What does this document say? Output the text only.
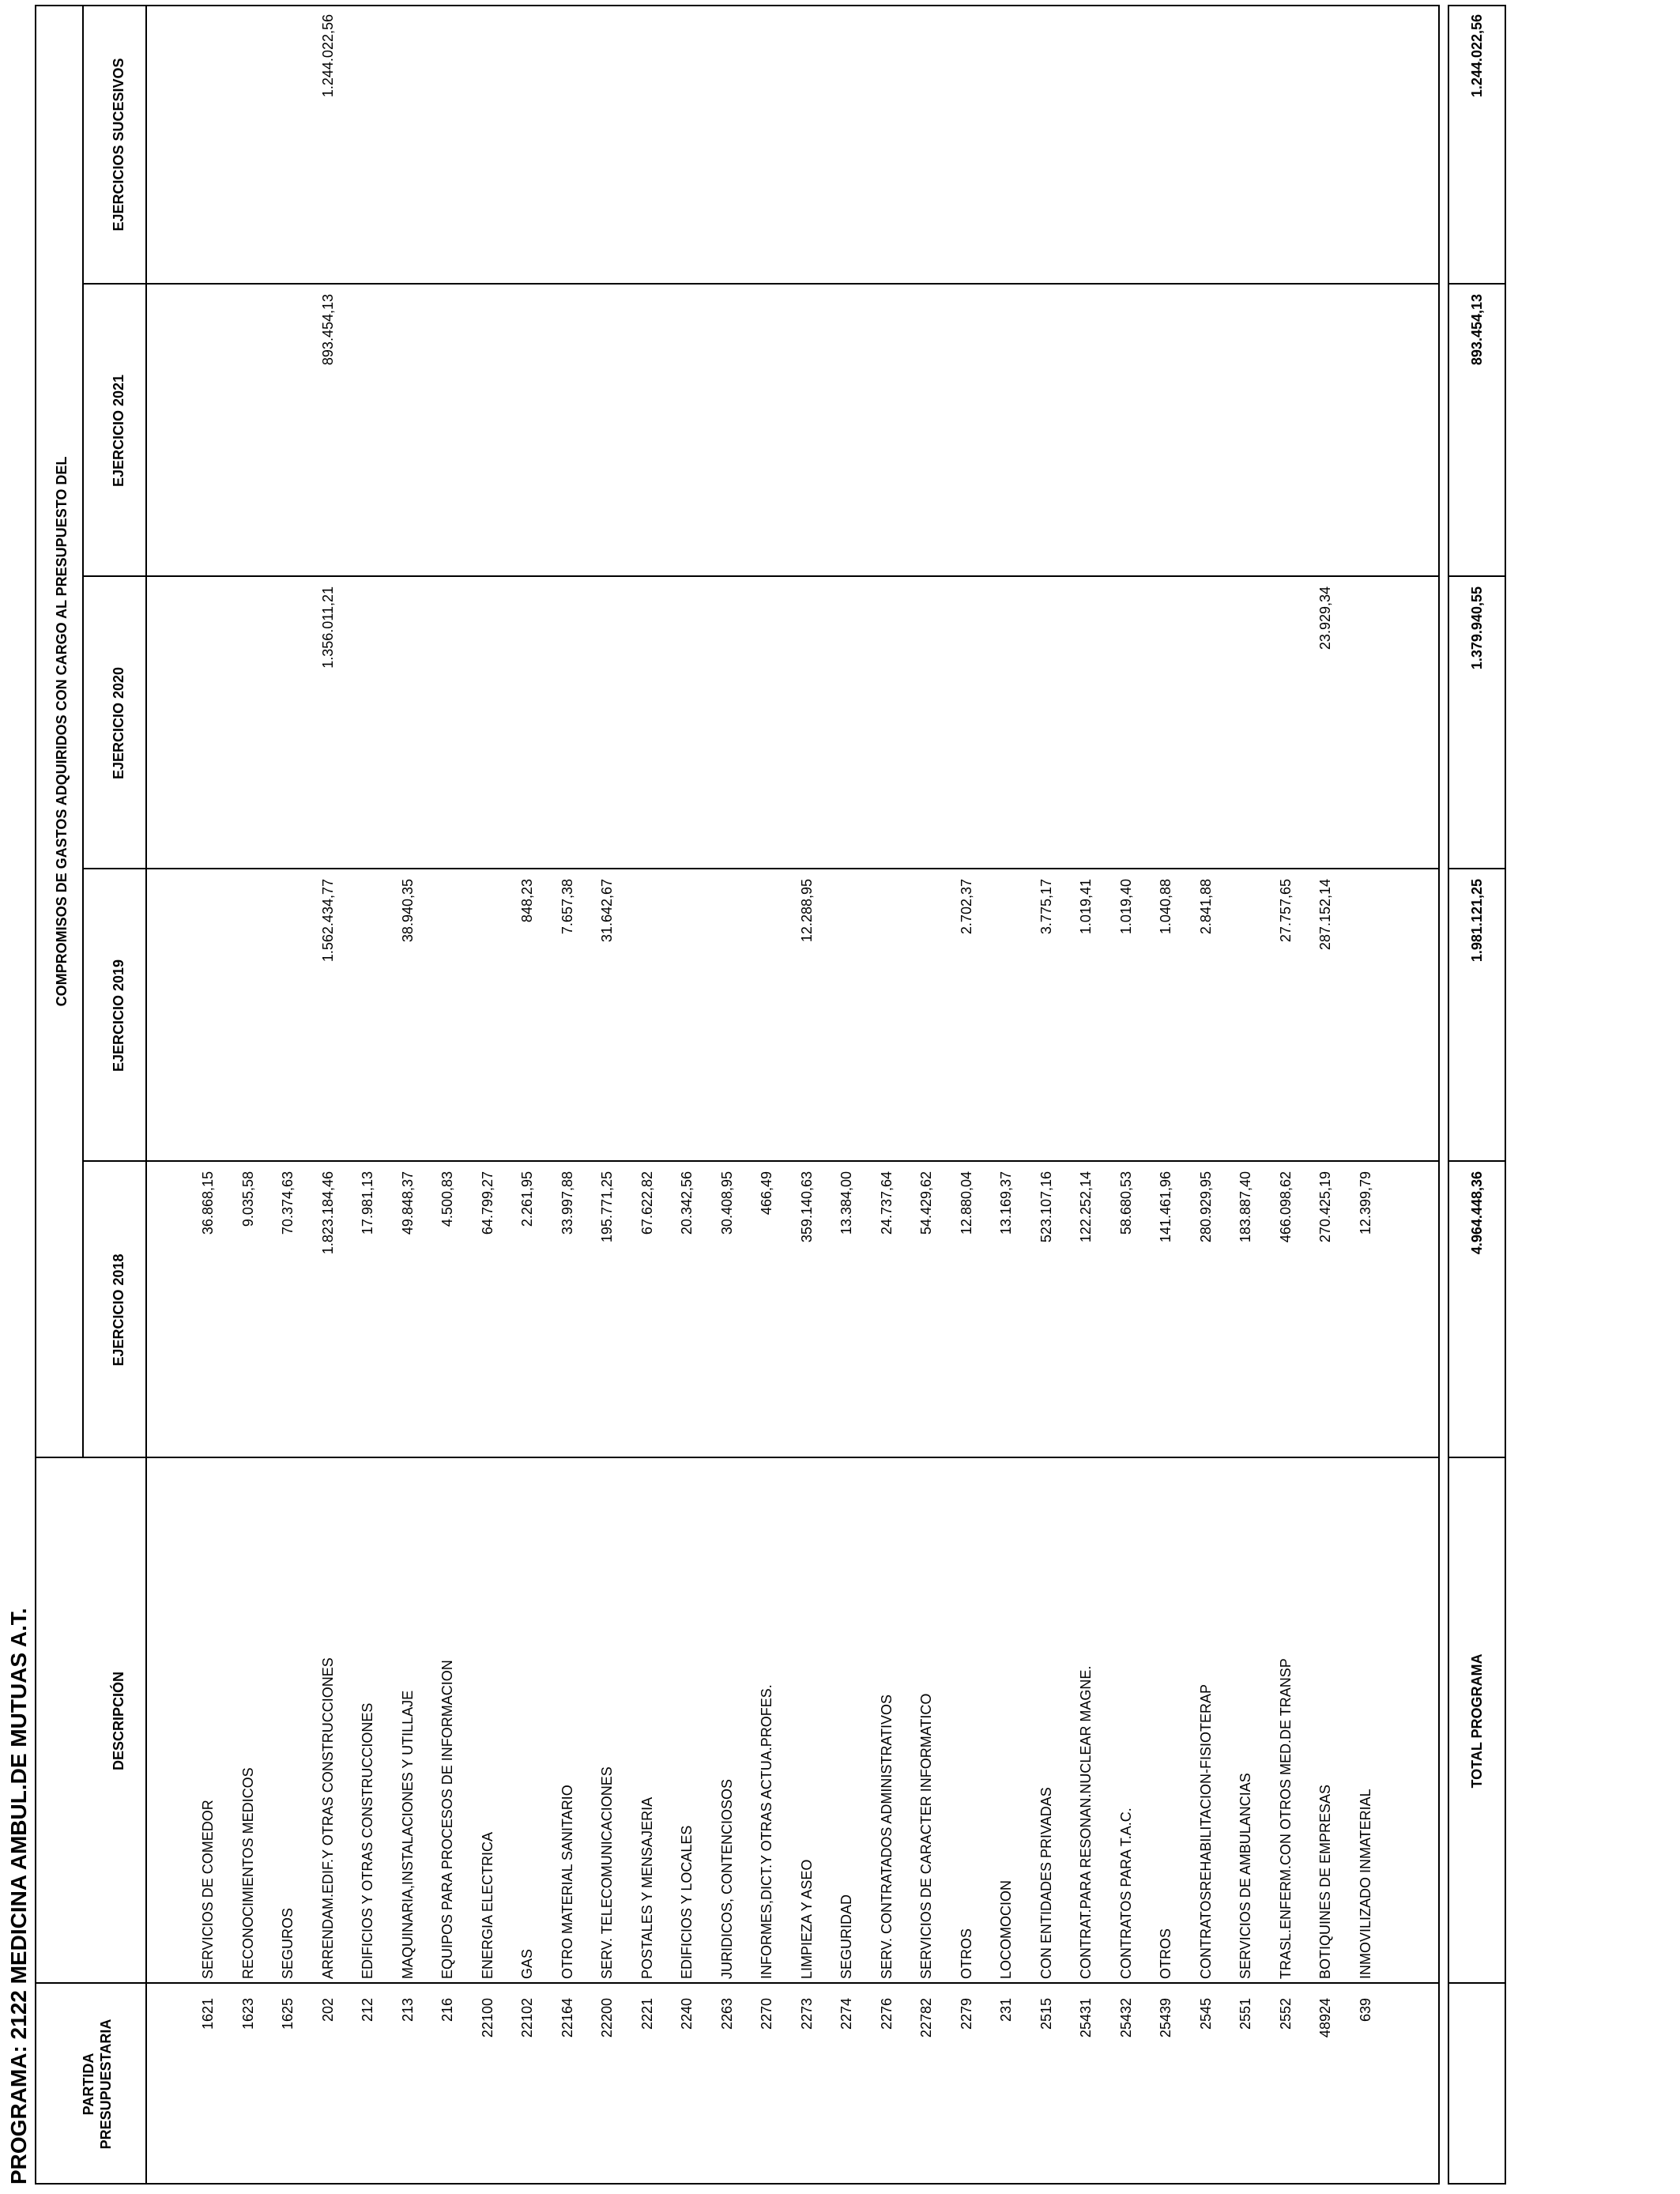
PROGRAMA: 2122 MEDICINA AMBUL.DE MUTUAS A.T.	PARTIDA PRESUPUESTARIA
DESCRIPCIÓN
COMPROMISOS DE GASTOS ADQUIRIDOS CON CARGO AL PRESUPUESTO DEL
EJERCICIO 2018
EJERCICIO 2019
EJERCICIO 2020
EJERCICIO 2021
EJERCICIOS SUCESIVOS
1621
SERVICIOS DE COMEDOR
36.868,15
1623
RECONOCIMIENTOS MEDICOS
9.035,58
1625
SEGUROS
70.374,63
202
ARRENDAM.EDIF.Y OTRAS CONSTRUCCIONES
1.823.184,46
1.562.434,77
1.356.011,21
893.454,13
1.244.022,56
212
EDIFICIOS Y OTRAS CONSTRUCCIONES
17.981,13
213
MAQUINARIA,INSTALACIONES Y UTILLAJE
49.848,37
38.940,35
216
EQUIPOS PARA PROCESOS DE INFORMACION
4.500,83
22100
ENERGIA ELECTRICA
64.799,27
22102
GAS
2.261,95
848,23
22164
OTRO MATERIAL SANITARIO
33.997,88
7.657,38
22200
SERV. TELECOMUNICACIONES
195.771,25
31.642,67
2221
POSTALES Y MENSAJERIA
67.622,82
2240
EDIFICIOS Y LOCALES
20.342,56
2263
JURIDICOS, CONTENCIOSOS
30.408,95
2270
INFORMES,DICT.Y OTRAS ACTUA.PROFES.
466,49
2273
LIMPIEZA Y ASEO
359.140,63
12.288,95
2274
SEGURIDAD
13.384,00
2276
SERV. CONTRATADOS ADMINISTRATIVOS
24.737,64
22782
SERVICIOS DE CARACTER INFORMATICO
54.429,62
2279
OTROS
12.880,04
2.702,37
231
LOCOMOCION
13.169,37
2515
CON ENTIDADES PRIVADAS
523.107,16
3.775,17
25431
CONTRAT.PARA RESONAN.NUCLEAR MAGNE.
122.252,14
1.019,41
25432
CONTRATOS PARA T.A.C.
58.680,53
1.019,40
25439
OTROS
141.461,96
1.040,88
2545
CONTRATOSREHABILITACION-FISIOTERAP
280.929,95
2.841,88
2551
SERVICIOS DE AMBULANCIAS
183.887,40
2552
TRASL.ENFERM.CON OTROS MED.DE TRANSP
466.098,62
27.757,65
48924
BOTIQUINES DE EMPRESAS
270.425,19
287.152,14
23.929,34
639
INMOVILIZADO INMATERIAL
12.399,79
TOTAL PROGRAMA
4.964.448,36
1.981.121,25
1.379.940,55
893.454,13
1.244.022,56
